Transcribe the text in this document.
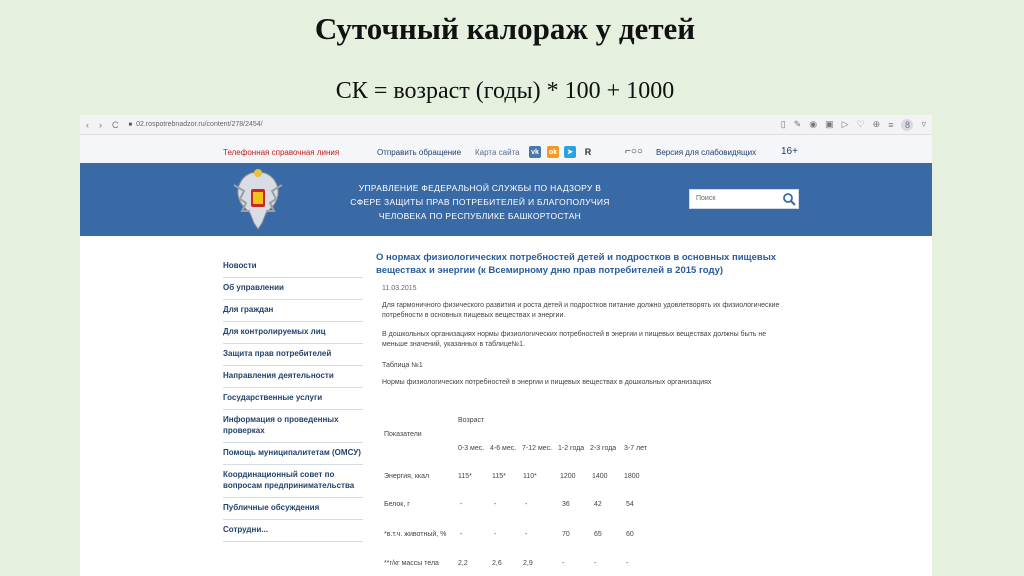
Суточный калораж у детей
СК = возраст (годы) * 100 + 1000
‹ › C ■ 02.rospotrebnadzor.ru/content/278/2454/	▯ ✎ ◉ ▣ ▷ ♡ ⊕ ≡	8	▿
Телефонная справочная линия	Отправить обращение Карта сайта vk	ok	➤	R	⌐○○ Версия для слабовидящих 16+
УПРАВЛЕНИЕ ФЕДЕРАЛЬНОЙ СЛУЖБЫ ПО НАДЗОРУ В
СФЕРЕ ЗАЩИТЫ ПРАВ ПОТРЕБИТЕЛЕЙ И БЛАГОПОЛУЧИЯ
ЧЕЛОВЕКА ПО РЕСПУБЛИКЕ БАШКОРТОСТАН
Поиск
Новости
Об управлении
Для граждан
Для контролируемых лиц
Защита прав потребителей
Направления деятельности
Государственные услуги
Информация о проведенных проверках
Помощь муниципалитетам (ОМСУ)
Координационный совет по вопросам предпринимательства
Публичные обсуждения
Сотрудни...
О нормах физиологических потребностей детей и подростков в основных пищевых веществах и энергии (к Всемирному дню прав потребителей в 2015 году)
11.03.2015
Для гармоничного физического развития и роста детей и подростков питание должно удовлетворять их физиологические потребности в основных пищевых веществах и энергии.
В дошкольных организациях нормы физиологических потребностей в энергии и пищевых веществах должны быть не меньше значений, указанных в таблице№1.
Таблица №1
Нормы физиологических потребностей в энергии и пищевых веществах в дошкольных организациях
Возраст
Показатели
0-3 мес. 4-6 мес. 7-12 мес. 1-2 года 2-3 года 3-7 лет
Энергия, ккал	115*	115* 110*	1200 1400 1800
Белок, г	-	-	-	36	42	54
*в.т.ч. животный, % -	-	-	70	65	60
**г/кг массы тела	2,2	2,6	2,9	-	-	-
